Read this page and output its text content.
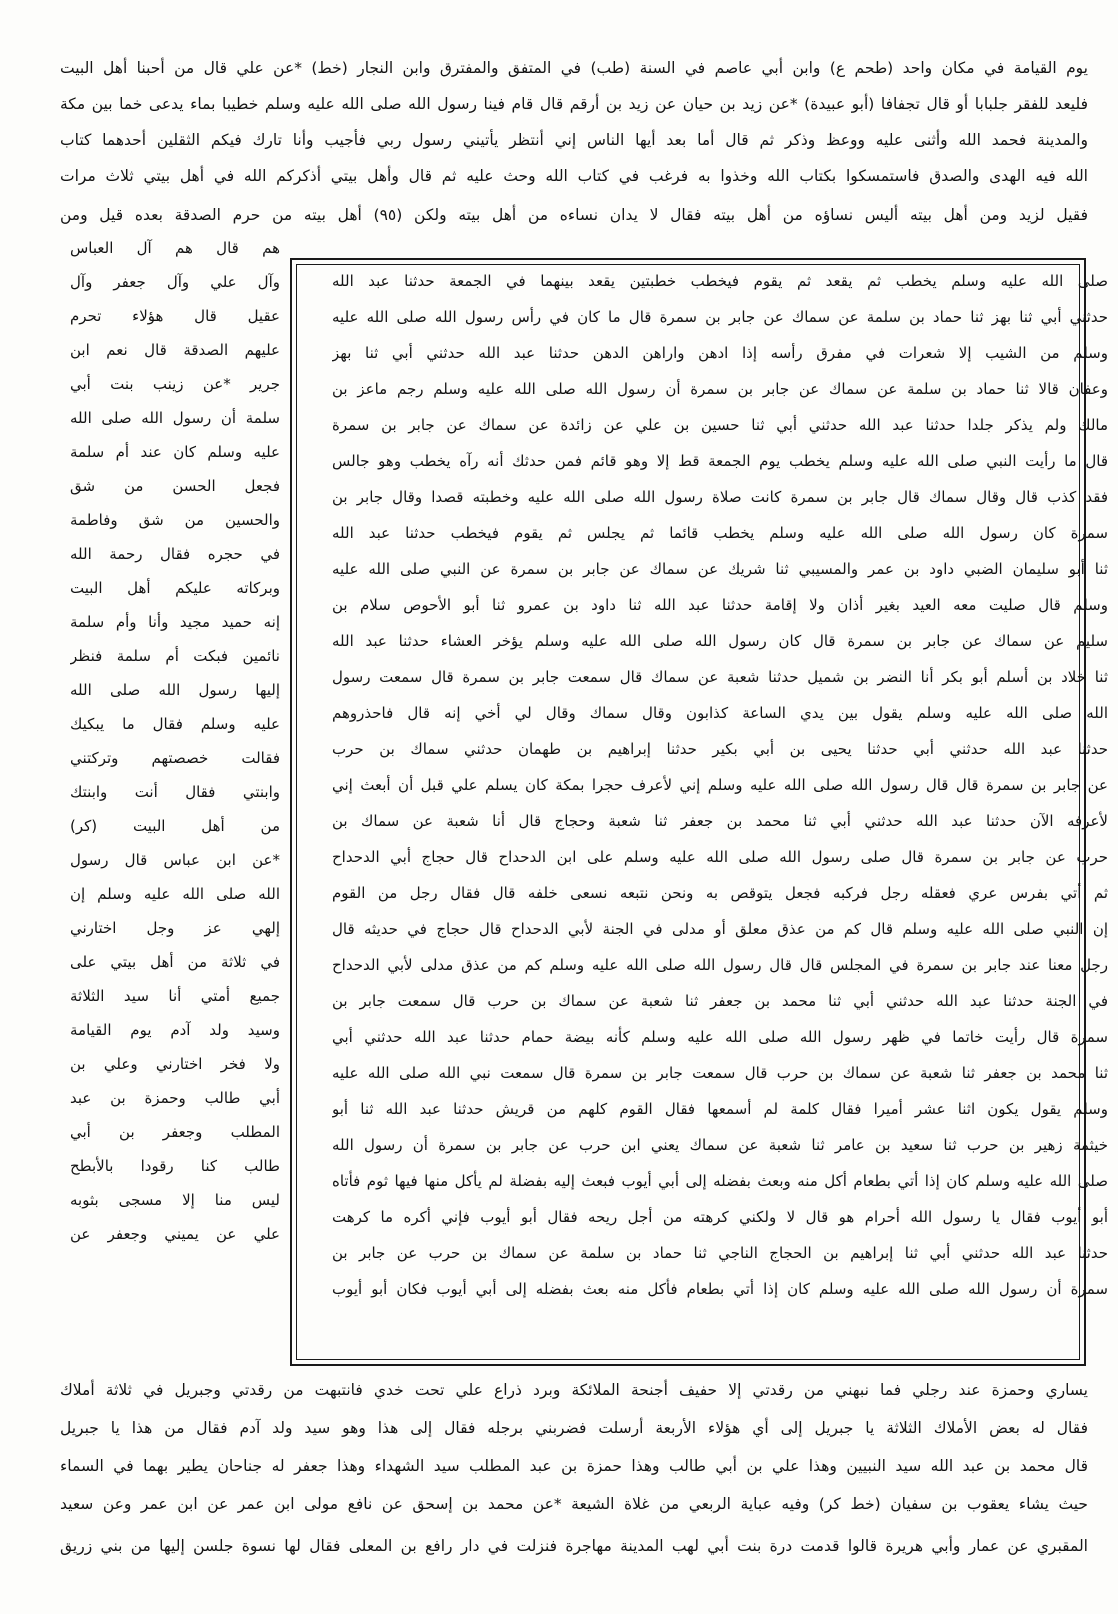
يوم القيامة في مكان واحد (طحم ع) وابن أبي عاصم في السنة (طب) في المتفق والمفترق وابن النجار (خط) *عن علي قال من أحبنا أهل البيت
فليعد للفقر جلبابا أو قال تجفافا (أبو عبيدة) *عن زيد بن حيان عن زيد بن أرقم قال قام فينا رسول الله صلى الله عليه وسلم خطيبا بماء يدعى خما بين مكة
والمدينة فحمد الله وأثنى عليه ووعظ وذكر ثم قال أما بعد أيها الناس إني أنتظر يأتيني رسول ربي فأجيب وأنا تارك فيكم الثقلين أحدهما كتاب
الله فيه الهدى والصدق فاستمسكوا بكتاب الله وخذوا به فرغب في كتاب الله وحث عليه ثم قال وأهل بيتي أذكركم الله في أهل بيتي ثلاث مرات
فقيل لزيد ومن أهل بيته أليس نساؤه من أهل بيته فقال لا يدان نساءه من أهل بيته ولكن (٩٥) أهل بيته من حرم الصدقة بعده قيل ومن
صلى الله عليه وسلم يخطب ثم يقعد ثم يقوم فيخطب خطبتين يقعد بينهما في الجمعة حدثنا عبد الله
حدثني أبي ثنا بهز ثنا حماد بن سلمة عن سماك عن جابر بن سمرة قال ما كان في رأس رسول الله صلى الله عليه
وسلم من الشيب إلا شعرات في مفرق رأسه إذا ادهن واراهن الدهن حدثنا عبد الله حدثني أبي ثنا بهز
وعفان قالا ثنا حماد بن سلمة عن سماك عن جابر بن سمرة أن رسول الله صلى الله عليه وسلم رجم ماعز بن
مالك ولم يذكر جلدا حدثنا عبد الله حدثني أبي ثنا حسين بن علي عن زائدة عن سماك عن جابر بن سمرة
قال ما رأيت النبي صلى الله عليه وسلم يخطب يوم الجمعة قط إلا وهو قائم فمن حدثك أنه رآه يخطب وهو جالس
فقد كذب قال وقال سماك قال جابر بن سمرة كانت صلاة رسول الله صلى الله عليه وخطبته قصدا وقال جابر بن
سمرة كان رسول الله صلى الله عليه وسلم يخطب قائما ثم يجلس ثم يقوم فيخطب حدثنا عبد الله
ثنا أبو سليمان الضبي داود بن عمر والمسيبي ثنا شريك عن سماك عن جابر بن سمرة عن النبي صلى الله عليه
وسلم قال صليت معه العيد بغير أذان ولا إقامة حدثنا عبد الله ثنا داود بن عمرو ثنا أبو الأحوص سلام بن
سليم عن سماك عن جابر بن سمرة قال كان رسول الله صلى الله عليه وسلم يؤخر العشاء حدثنا عبد الله
ثنا خلاد بن أسلم أبو بكر أنا النضر بن شميل حدثنا شعبة عن سماك قال سمعت جابر بن سمرة قال سمعت رسول
الله صلى الله عليه وسلم يقول بين يدي الساعة كذابون وقال سماك وقال لي أخي إنه قال فاحذروهم
حدثنا عبد الله حدثني أبي حدثنا يحيى بن أبي بكير حدثنا إبراهيم بن طهمان حدثني سماك بن حرب
عن جابر بن سمرة قال قال رسول الله صلى الله عليه وسلم إني لأعرف حجرا بمكة كان يسلم علي قبل أن أبعث إني
لأعرفه الآن حدثنا عبد الله حدثني أبي ثنا محمد بن جعفر ثنا شعبة وحجاج قال أنا شعبة عن سماك بن
حرب عن جابر بن سمرة قال صلى رسول الله صلى الله عليه وسلم على ابن الدحداح قال حجاج أبي الدحداح
ثم أتي بفرس عري فعقله رجل فركبه فجعل يتوقص به ونحن نتبعه نسعى خلفه قال فقال رجل من القوم
إن النبي صلى الله عليه وسلم قال كم من عذق معلق أو مدلى في الجنة لأبي الدحداح قال حجاج في حديثه قال
رجل معنا عند جابر بن سمرة في المجلس قال قال رسول الله صلى الله عليه وسلم كم من عذق مدلى لأبي الدحداح
في الجنة حدثنا عبد الله حدثني أبي ثنا محمد بن جعفر ثنا شعبة عن سماك بن حرب قال سمعت جابر بن
سمرة قال رأيت خاتما في ظهر رسول الله صلى الله عليه وسلم كأنه بيضة حمام حدثنا عبد الله حدثني أبي
ثنا محمد بن جعفر ثنا شعبة عن سماك بن حرب قال سمعت جابر بن سمرة قال سمعت نبي الله صلى الله عليه
وسلم يقول يكون اثنا عشر أميرا فقال كلمة لم أسمعها فقال القوم كلهم من قريش حدثنا عبد الله ثنا أبو
خيثمة زهير بن حرب ثنا سعيد بن عامر ثنا شعبة عن سماك يعني ابن حرب عن جابر بن سمرة أن رسول الله
صلى الله عليه وسلم كان إذا أتي بطعام أكل منه وبعث بفضله إلى أبي أيوب فبعث إليه بفضلة لم يأكل منها فيها ثوم فأتاه
أبو أيوب فقال يا رسول الله أحرام هو قال لا ولكني كرهته من أجل ريحه فقال أبو أيوب فإني أكره ما كرهت
حدثنا عبد الله حدثني أبي ثنا إبراهيم بن الحجاج الناجي ثنا حماد بن سلمة عن سماك بن حرب عن جابر بن
سمرة أن رسول الله صلى الله عليه وسلم كان إذا أتي بطعام فأكل منه بعث بفضله إلى أبي أيوب فكان أبو أيوب
هم قال هم آل العباس
وآل علي وآل جعفر وآل
عقيل قال هؤلاء تحرم
عليهم الصدقة قال نعم ابن
جرير *عن زينب بنت أبي
سلمة أن رسول الله صلى الله
عليه وسلم كان عند أم سلمة
فجعل الحسن من شق
والحسين من شق وفاطمة
في حجره فقال رحمة الله
وبركاته عليكم أهل البيت
إنه حميد مجيد وأنا وأم سلمة
نائمين فبكت أم سلمة فنظر
إليها رسول الله صلى الله
عليه وسلم فقال ما يبكيك
فقالت خصصتهم وتركتني
وابنتي فقال أنت وابنتك
من أهل البيت (كر)
*عن ابن عباس قال رسول
الله صلى الله عليه وسلم إن
إلهي عز وجل اختارني
في ثلاثة من أهل بيتي على
جميع أمتي أنا سيد الثلاثة
وسيد ولد آدم يوم القيامة
ولا فخر اختارني وعلي بن
أبي طالب وحمزة بن عبد
المطلب وجعفر بن أبي
طالب كنا رقودا بالأبطح
ليس منا إلا مسجى بثوبه
علي عن يميني وجعفر عن
يساري وحمزة عند رجلي فما نبهني من رقدتي إلا حفيف أجنحة الملائكة وبرد ذراع علي تحت خدي فانتبهت من رقدتي وجبريل في ثلاثة أملاك
فقال له بعض الأملاك الثلاثة يا جبريل إلى أي هؤلاء الأربعة أرسلت فضربني برجله فقال إلى هذا وهو سيد ولد آدم فقال من هذا يا جبريل
قال محمد بن عبد الله سيد النبيين وهذا علي بن أبي طالب وهذا حمزة بن عبد المطلب سيد الشهداء وهذا جعفر له جناحان يطير بهما في السماء
حيث يشاء يعقوب بن سفيان (خط كر) وفيه عباية الربعي من غلاة الشيعة *عن محمد بن إسحق عن نافع مولى ابن عمر عن ابن عمر وعن سعيد
المقبري عن عمار وأبي هريرة قالوا قدمت درة بنت أبي لهب المدينة مهاجرة فنزلت في دار رافع بن المعلى فقال لها نسوة جلسن إليها من بني زريق
